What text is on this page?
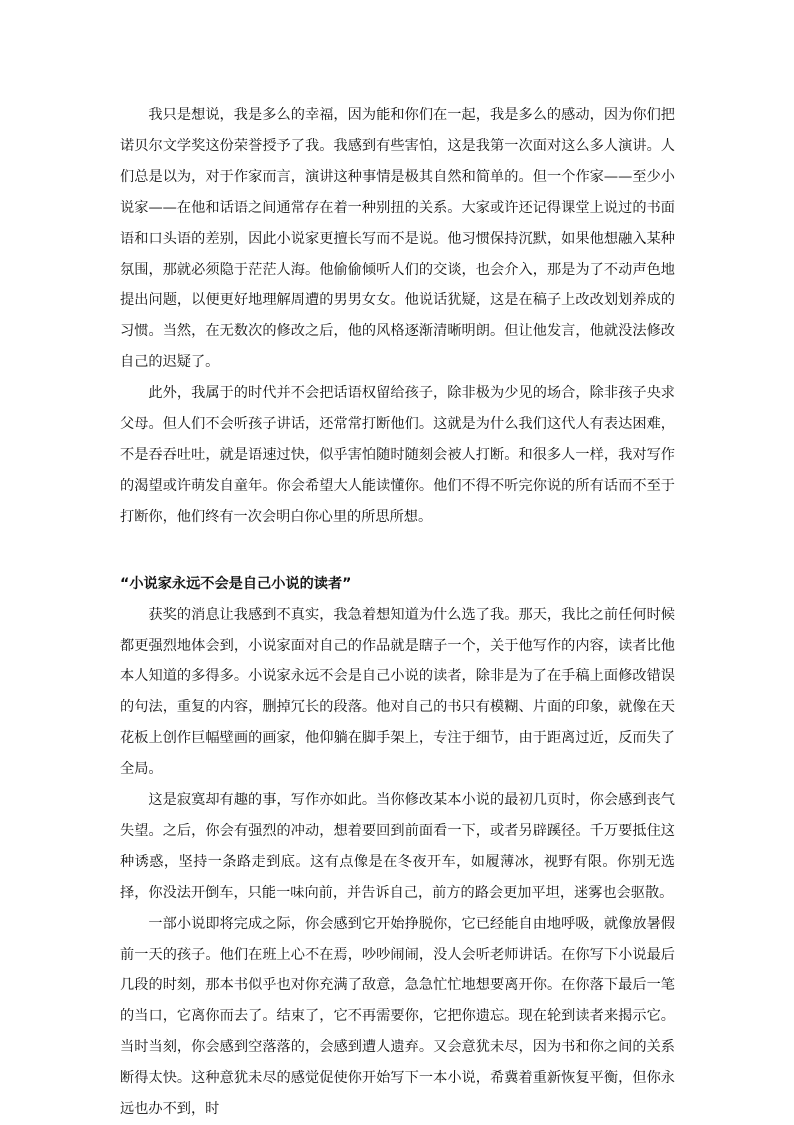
我只是想说，我是多么的幸福，因为能和你们在一起，我是多么的感动，因为你们把诺贝尔文学奖这份荣誉授予了我。我感到有些害怕，这是我第一次面对这么多人演讲。人们总是以为，对于作家而言，演讲这种事情是极其自然和简单的。但一个作家——至少小说家——在他和话语之间通常存在着一种别扭的关系。大家或许还记得课堂上说过的书面语和口头语的差别，因此小说家更擅长写而不是说。他习惯保持沉默，如果他想融入某种氛围，那就必须隐于茫茫人海。他偷偷倾听人们的交谈，也会介入，那是为了不动声色地提出问题，以便更好地理解周遭的男男女女。他说话犹疑，这是在稿子上改改划划养成的习惯。当然，在无数次的修改之后，他的风格逐渐清晰明朗。但让他发言，他就没法修改自己的迟疑了。

此外，我属于的时代并不会把话语权留给孩子，除非极为少见的场合，除非孩子央求父母。但人们不会听孩子讲话，还常常打断他们。这就是为什么我们这代人有表达困难，不是吞吞吐吐，就是语速过快，似乎害怕随时随刻会被人打断。和很多人一样，我对写作的渴望或许萌发自童年。你会希望大人能读懂你。他们不得不听完你说的所有话而不至于打断你，他们终有一次会明白你心里的所思所想。

“小说家永远不会是自己小说的读者”

获奖的消息让我感到不真实，我急着想知道为什么选了我。那天，我比之前任何时候都更强烈地体会到，小说家面对自己的作品就是瞎子一个，关于他写作的内容，读者比他本人知道的多得多。小说家永远不会是自己小说的读者，除非是为了在手稿上面修改错误的句法，重复的内容，删掉冗长的段落。他对自己的书只有模糊、片面的印象，就像在天花板上创作巨幅壁画的画家，他仰躺在脚手架上，专注于细节，由于距离过近，反而失了全局。

这是寂寞却有趣的事，写作亦如此。当你修改某本小说的最初几页时，你会感到丧气失望。之后，你会有强烈的冲动，想着要回到前面看一下，或者另辟蹊径。千万要抵住这种诱惑，坚持一条路走到底。这有点像是在冬夜开车，如履薄冰，视野有限。你别无选择，你没法开倒车，只能一味向前，并告诉自己，前方的路会更加平坦，迷雾也会驱散。

一部小说即将完成之际，你会感到它开始挣脱你，它已经能自由地呼吸，就像放暑假前一天的孩子。他们在班上心不在焉，吵吵闹闹，没人会听老师讲话。在你写下小说最后几段的时刻，那本书似乎也对你充满了敌意，急急忙忙地想要离开你。在你落下最后一笔的当口，它离你而去了。结束了，它不再需要你，它把你遗忘。现在轮到读者来揭示它。当时当刻，你会感到空落落的，会感到遭人遗弃。又会意犹未尽，因为书和你之间的关系断得太快。这种意犹未尽的感觉促使你开始写下一本小说，希冀着重新恢复平衡，但你永远也办不到，时
